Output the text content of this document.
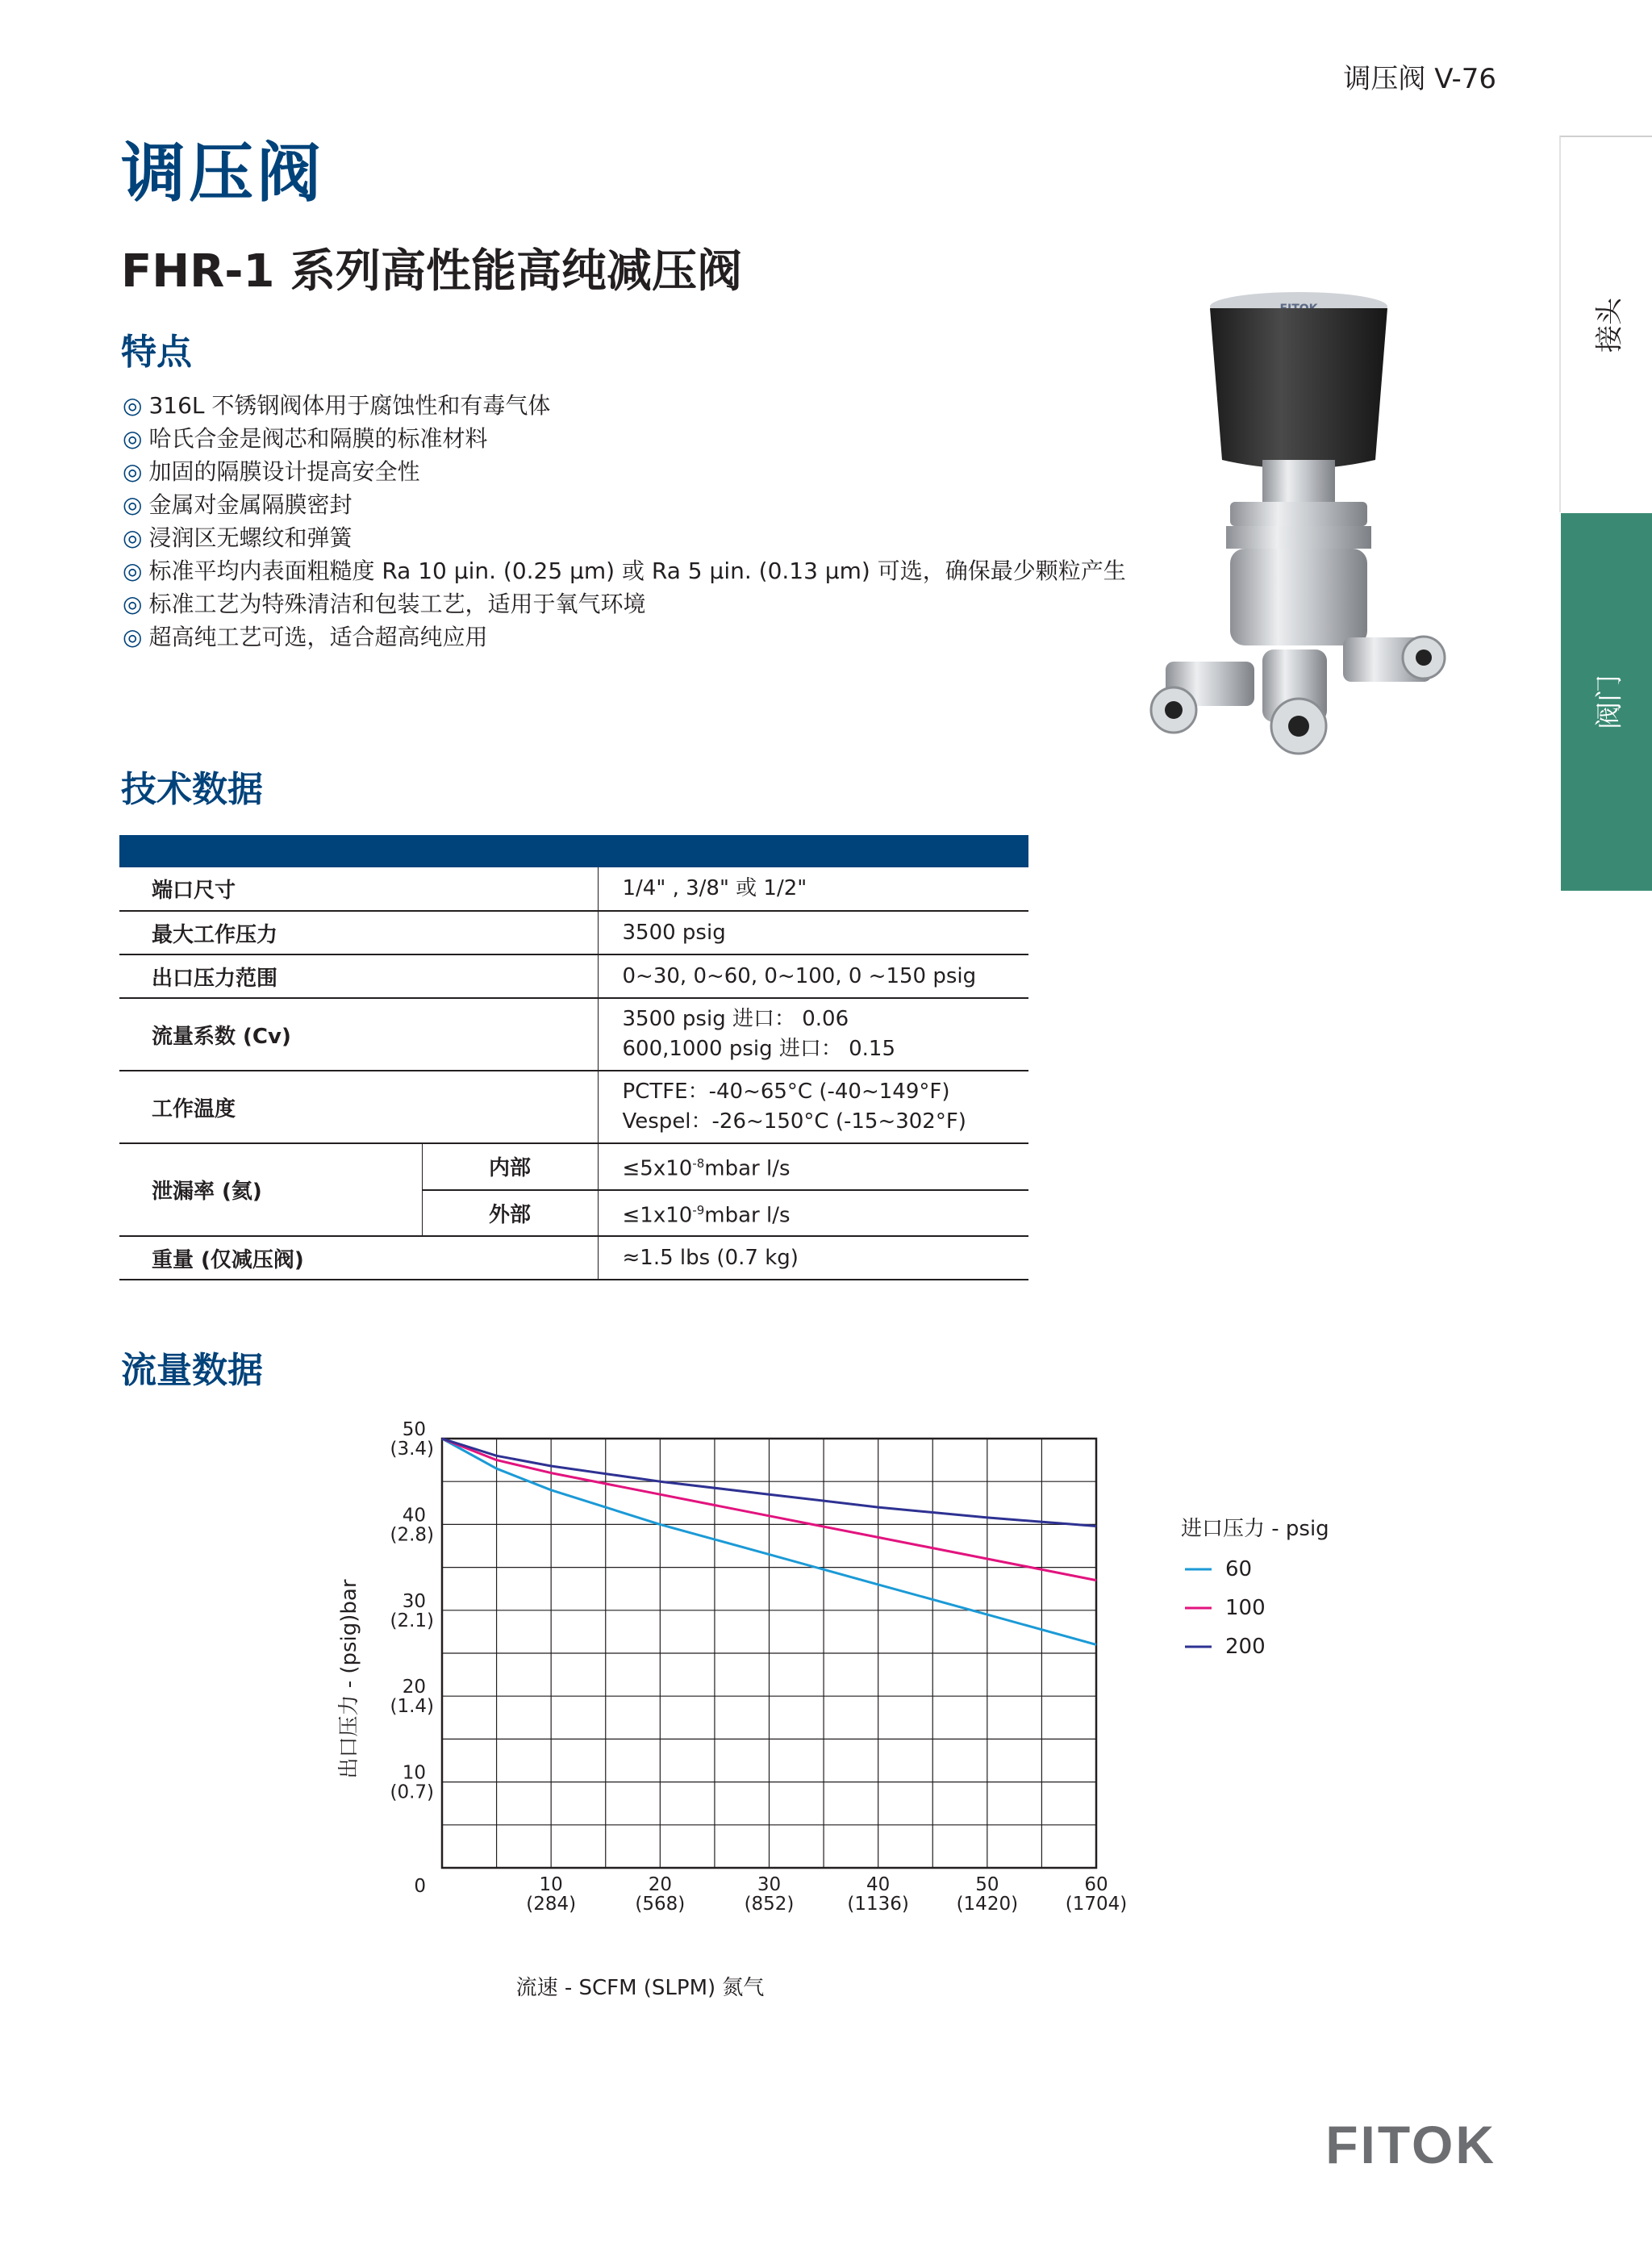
调压阀 V-76
接头
阀门
调压阀
FHR-1 系列高性能高纯减压阀
特点
◎ 316L 不锈钢阀体用于腐蚀性和有毒气体
◎ 哈氏合金是阀芯和隔膜的标准材料
◎ 加固的隔膜设计提高安全性
◎ 金属对金属隔膜密封
◎ 浸润区无螺纹和弹簧
◎ 标准平均内表面粗糙度 Ra 10 μin. (0.25 μm) 或 Ra 5 μin. (0.13 μm) 可选，确保最少颗粒产生
◎ 标准工艺为特殊清洁和包装工艺，适用于氧气环境
◎ 超高纯工艺可选，适合超高纯应用
技术数据

端口尺寸		1/4" , 3/8" 或 1/2"
最大工作压力		3500 psig
出口压力范围		0~30, 0~60, 0~100, 0 ~150 psig
流量系数 (Cv)		3500 psig 进口： 0.06
600,1000 psig 进口： 0.15

工作温度		PCTFE：-40~65°C (-40~149°F)
Vespel：-26~150°C (-15~302°F)

泄漏率 (氦)	内部	$\le 5x10^{-8}mbar$ l/s
	外部	$\le 1x10^{-9}mbar$ l/s
重量 (仅减压阀)		≈1.5 lbs (0.7 kg)
流量数据
10
(0.7)
20
(1.4)
30
(2.1)
40
(2.8)
50
(3.4)
0	10
(284)
20
(568)
30
(852)
40
(1136)
50
(1420)
60
(1704)
流速 - SCFM (SLPM) 氮气
出口压力 - (psig)bar
进口压力 - psig
60
100
200
FITOK
